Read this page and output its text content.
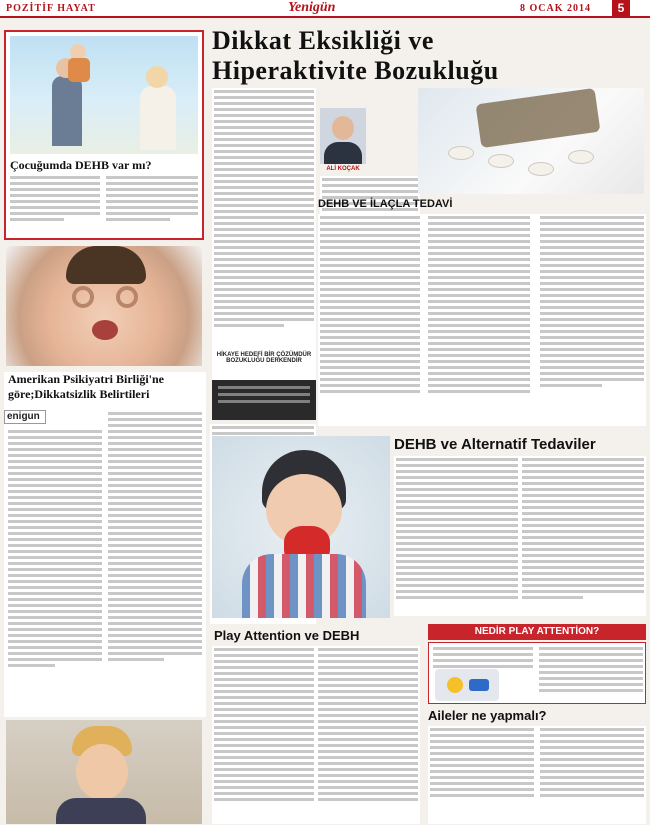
POZİTİF HAYAT	Yenigün	8 OCAK 2014	5
Çocuğumda DEHB var mı?
Amerikan Psikiyatri Birliği'ne
göre;Dikkatsizlik Belirtileri
enigun
Dikkat Eksikliği ve
Hiperaktivite Bozukluğu
ALİ KOÇAK
DEHB VE İLAÇLA TEDAVİ
HİKAYE HEDEFİ BİR ÇÖZÜMDÜR
BOZUKLUĞU DERKENDİR
DEHB ve Alternatif Tedaviler
Play Attention ve DEBH	NEDİR PLAY ATTENTİON?
Aileler ne yapmalı?
